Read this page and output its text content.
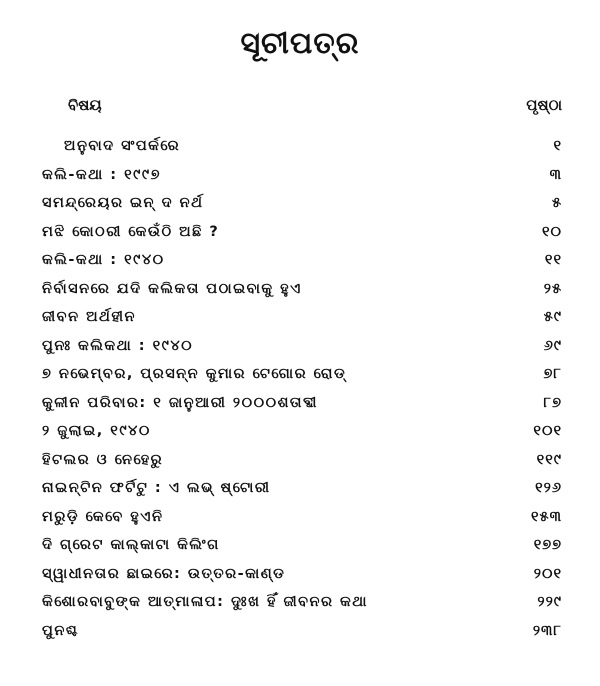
ସୂଚୀପତ୍ର
ବିଷୟ	ପୃଷ୍ଠା
ଅନୁବାଦ ସଂପର୍କରେ	୧
କଲି-କଥା : ୧୯୯୭	୩
ସମନ୍ଦ୍ରେୟର ଇନ୍ ଦ ନର୍ଥ	୫
ମଝି କୋଠରୀ କେଉଁଠି ଅଛି ?	୧୦
କଲି-କଥା : ୧୯୪୦	୧୧
ନିର୍ବାସନରେ ଯଦି କଲିକତା ପଠାଇବାକୁ ହୁଏ	୨୫
ଜୀବନ ଅର୍ଥହୀନ	୫୯
ପୁନଃ କଲିକଥା : ୧୯୪୦	୬୯
୭ ନଭେମ୍ବର, ପ୍ରସନ୍ନ କୁମାର ଟେଗୋର ରୋଡ୍	୭୮
କୁଳୀନ ପରିବାର: ୧ ଜାନୁଆରୀ ୨୦୦୦ଶତାବ୍ଦୀ	୮୭
୨ ଜୁଲାଇ, ୧୯୪୦	୧୦୧
ହିଟଲର ଓ ନେହେରୁ	୧୧୯
ନାଇନ୍ଟିନ ଫର୍ଟିଟୁ : ଏ ଲଭ୍ ଷ୍ଟୋରୀ	୧୨୬
ମରୁଡ଼ି କେବେ ହୁଏନି	୧୫୩
ଦି ଗ୍ରେଟ କାଲ୍‌କାଟା କିଲିଂଗ	୧୭୭
ସ୍ୱାଧୀନତାର ଛାଇରେ: ଉତ୍ତର-କାଣ୍ଡ	୨୦୧
କିଶୋରବାବୁଙ୍କ ଆତ୍ମାଳାପ: ଦୁଃଖ ହିଁ ଜୀବନର କଥା	୨୨୯
ପୁନଶ୍ଚ	୨୩୮
